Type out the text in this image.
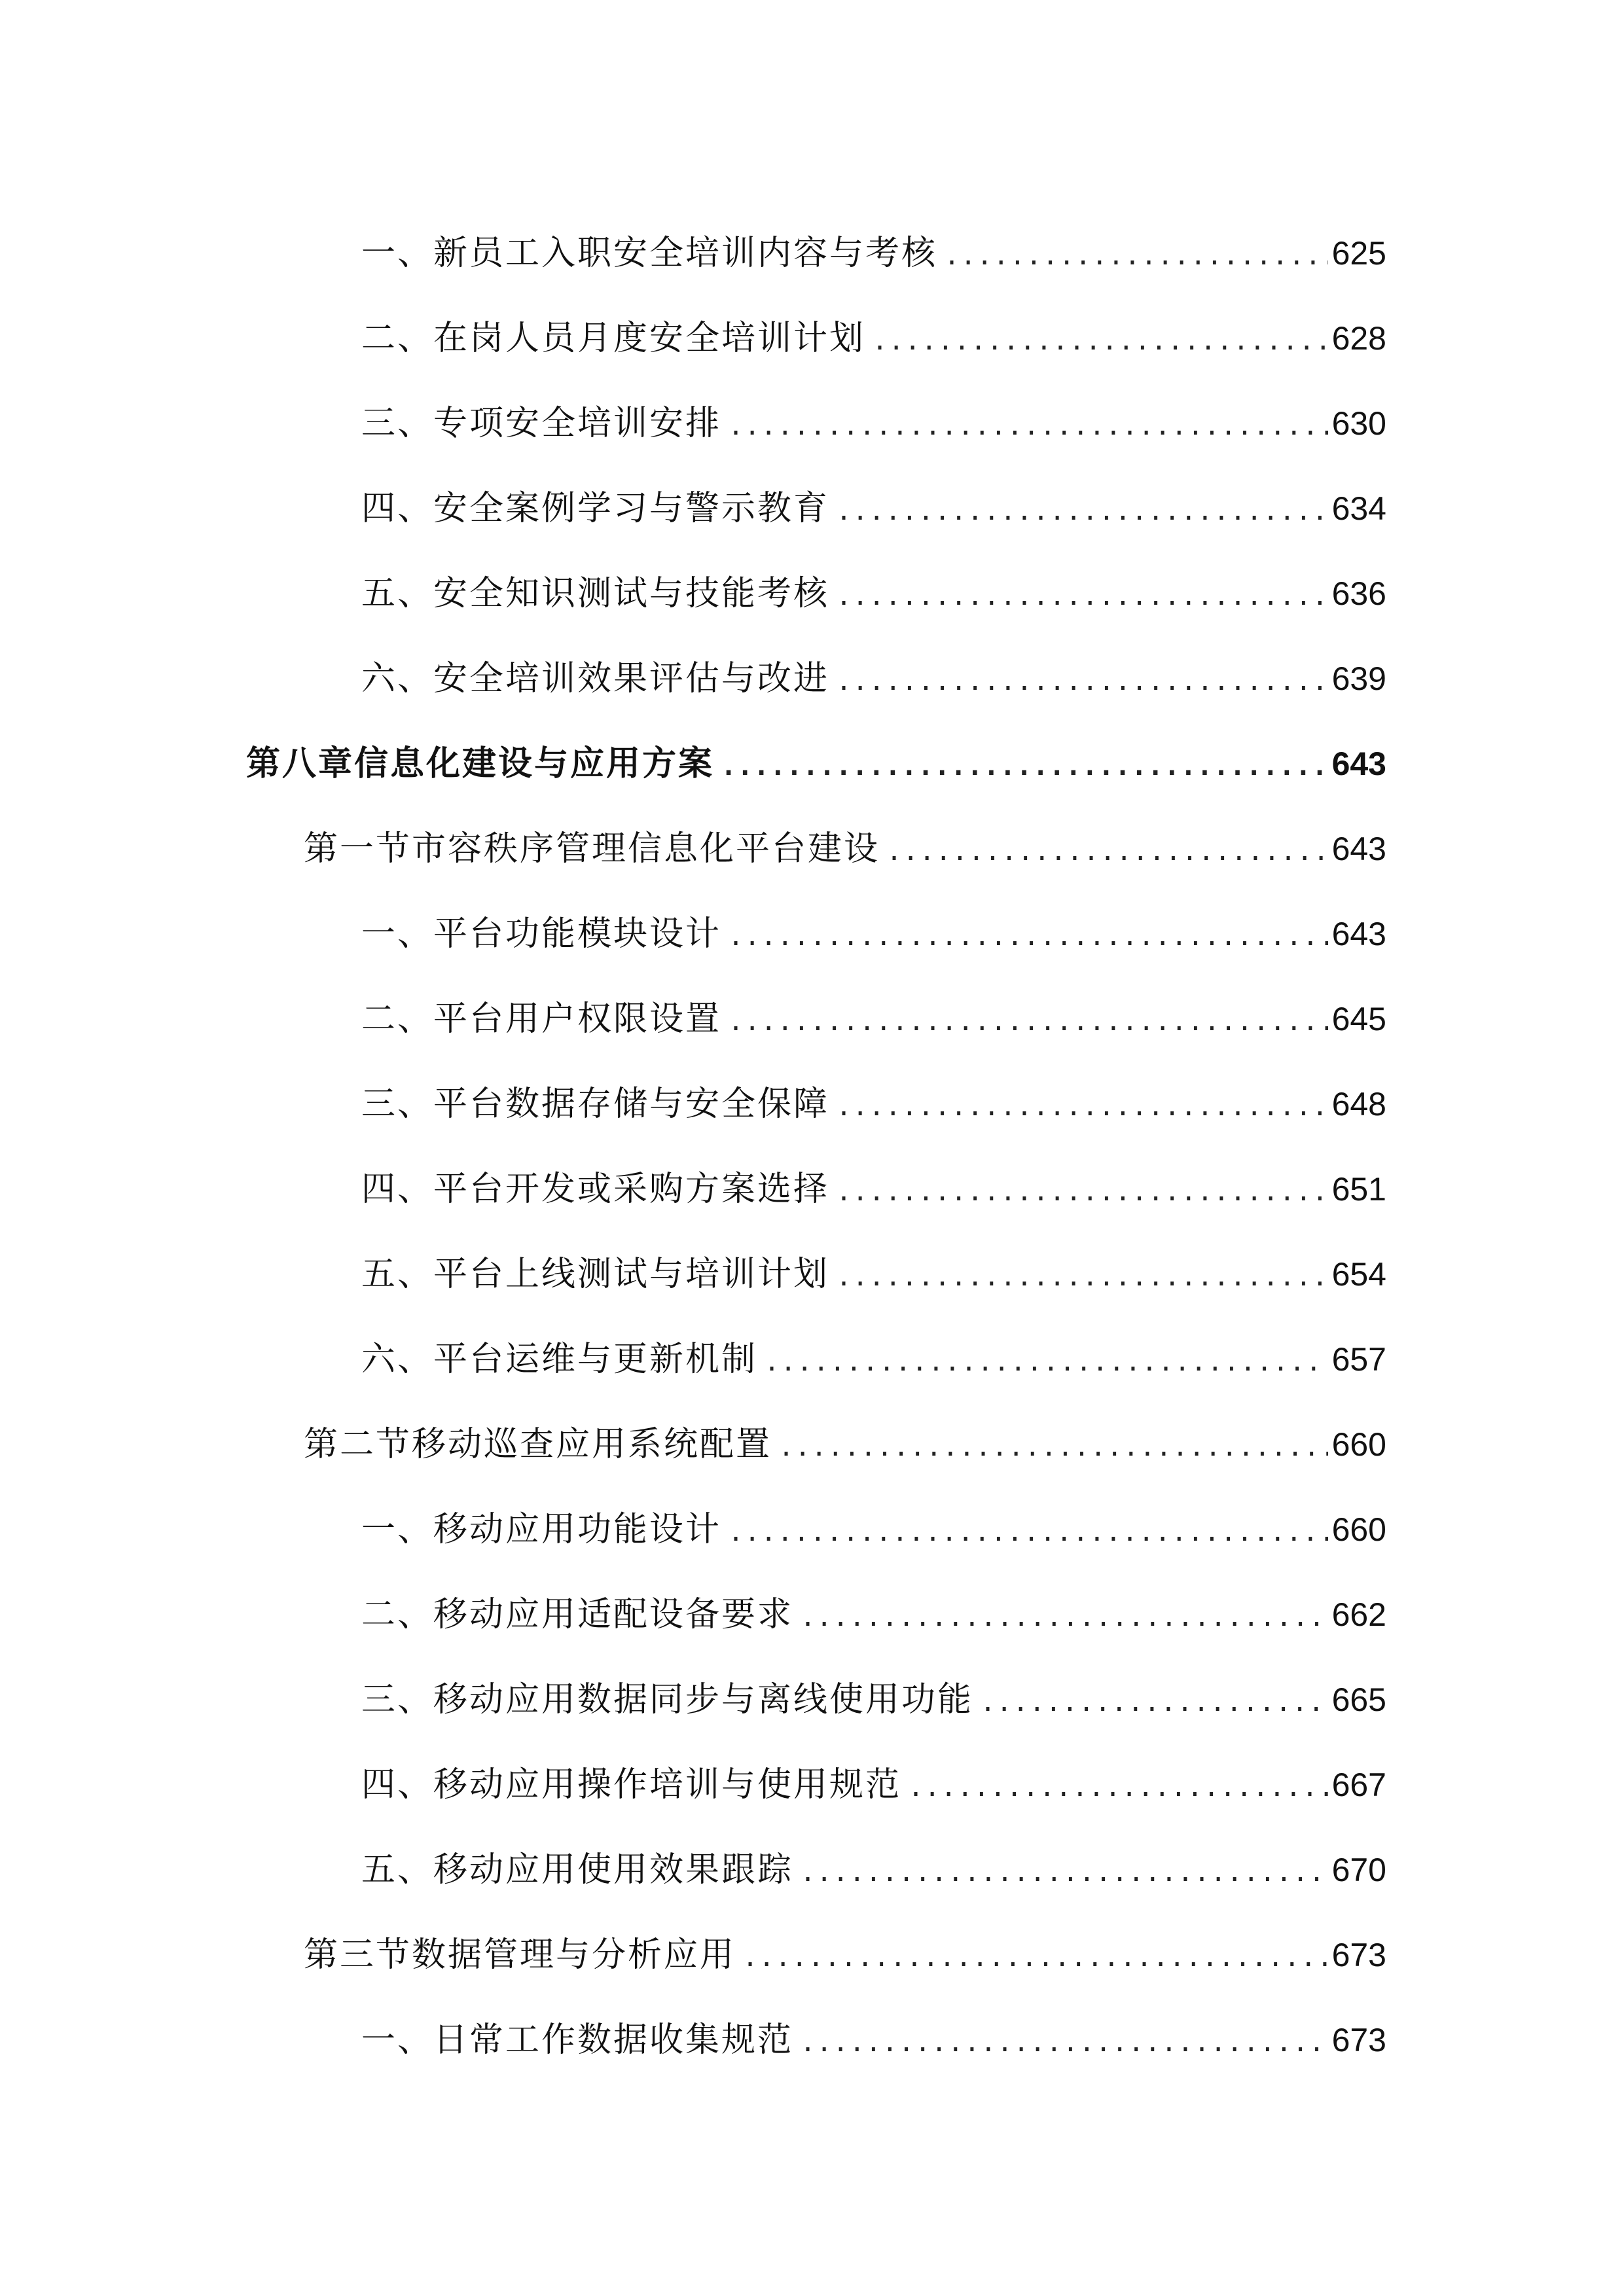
一、新员工入职安全培训内容与考核 .....	625
二、在岗人员月度安全培训计划 .....	628
三、专项安全培训安排 .....	630
四、安全案例学习与警示教育 .....	634
五、安全知识测试与技能考核 .....	636
六、安全培训效果评估与改进 .....	639
第八章信息化建设与应用方案 .....	643
第一节市容秩序管理信息化平台建设 .....	643
一、平台功能模块设计 .....	643
二、平台用户权限设置 .....	645
三、平台数据存储与安全保障 .....	648
四、平台开发或采购方案选择 .....	651
五、平台上线测试与培训计划 .....	654
六、平台运维与更新机制 .....	657
第二节移动巡查应用系统配置 .....	660
一、移动应用功能设计 .....	660
二、移动应用适配设备要求 .....	662
三、移动应用数据同步与离线使用功能 .....	665
四、移动应用操作培训与使用规范 .....	667
五、移动应用使用效果跟踪 .....	670
第三节数据管理与分析应用 .....	673
一、日常工作数据收集规范 .....	673
